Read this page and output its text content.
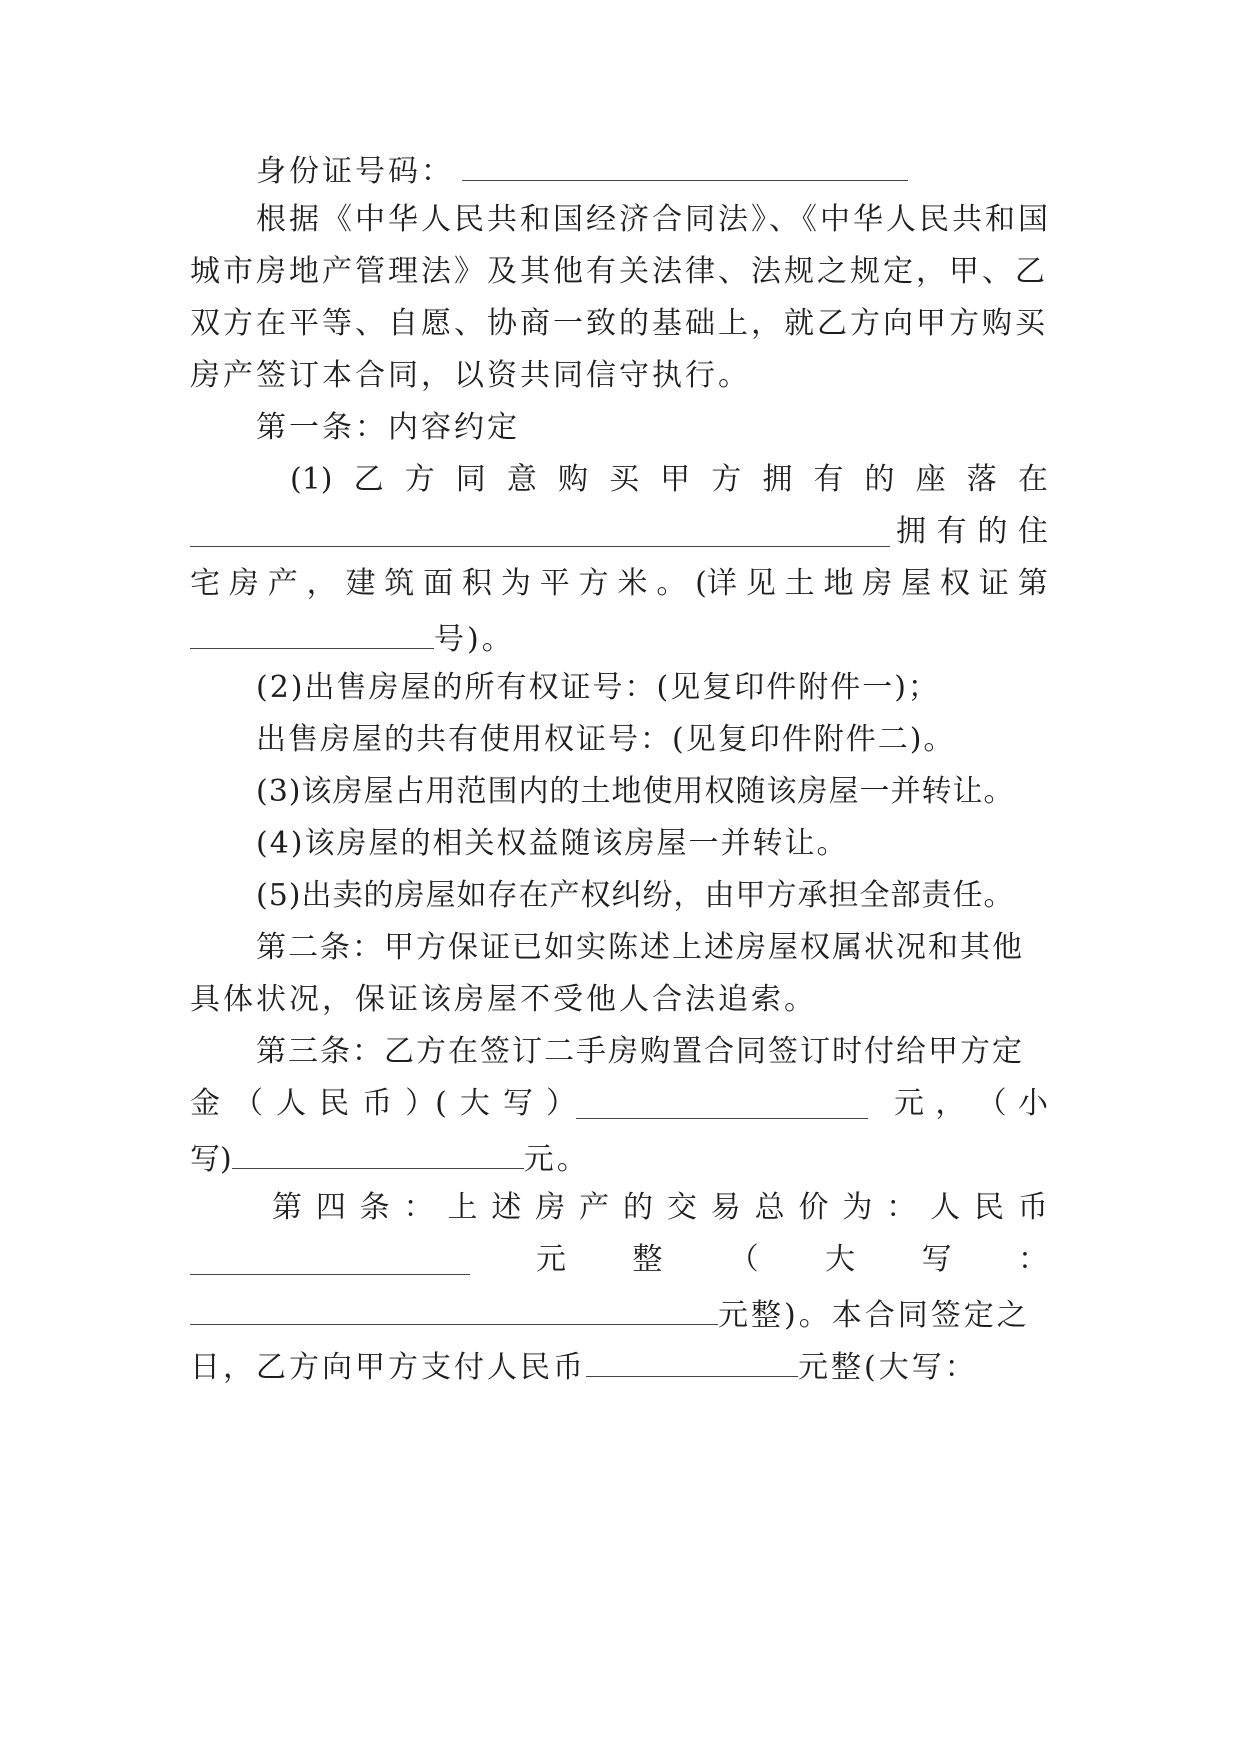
身份证号码：
根据《中华人民共和国经济合同法》、《中华人民共和国
城市房地产管理法》及其他有关法律、法规之规定，甲、乙
双方在平等、自愿、协商一致的基础上，就乙方向甲方购买
房产签订本合同，以资共同信守执行。
第一条：内容约定
(1) 乙 方 同 意 购 买 甲 方 拥 有 的 座 落 在
拥 有 的 住
宅 房 产 ， 建 筑 面 积 为 平 方 米 。 (详 见 土 地 房 屋 权 证 第
号)。
(2)出售房屋的所有权证号：(见复印件附件一)；
出售房屋的共有使用权证号：(见复印件附件二)。
(3)该房屋占用范围内的土地使用权随该房屋一并转让。
(4)该房屋的相关权益随该房屋一并转让。
(5)出卖的房屋如存在产权纠纷，由甲方承担全部责任。
第二条：甲方保证已如实陈述上述房屋权属状况和其他
具体状况，保证该房屋不受他人合法追索。
第三条：乙方在签订二手房购置合同签订时付给甲方定
金 （ 人 民 币 ）( 大 写 ）	元 ， （ 小
写)	元。
第 四 条 ： 上 述 房 产 的 交 易 总 价 为 ： 人 民 币
元 整 （ 大 写 ：
元整)。本合同签定之
日，乙方向甲方支付人民币	元整(大写：
